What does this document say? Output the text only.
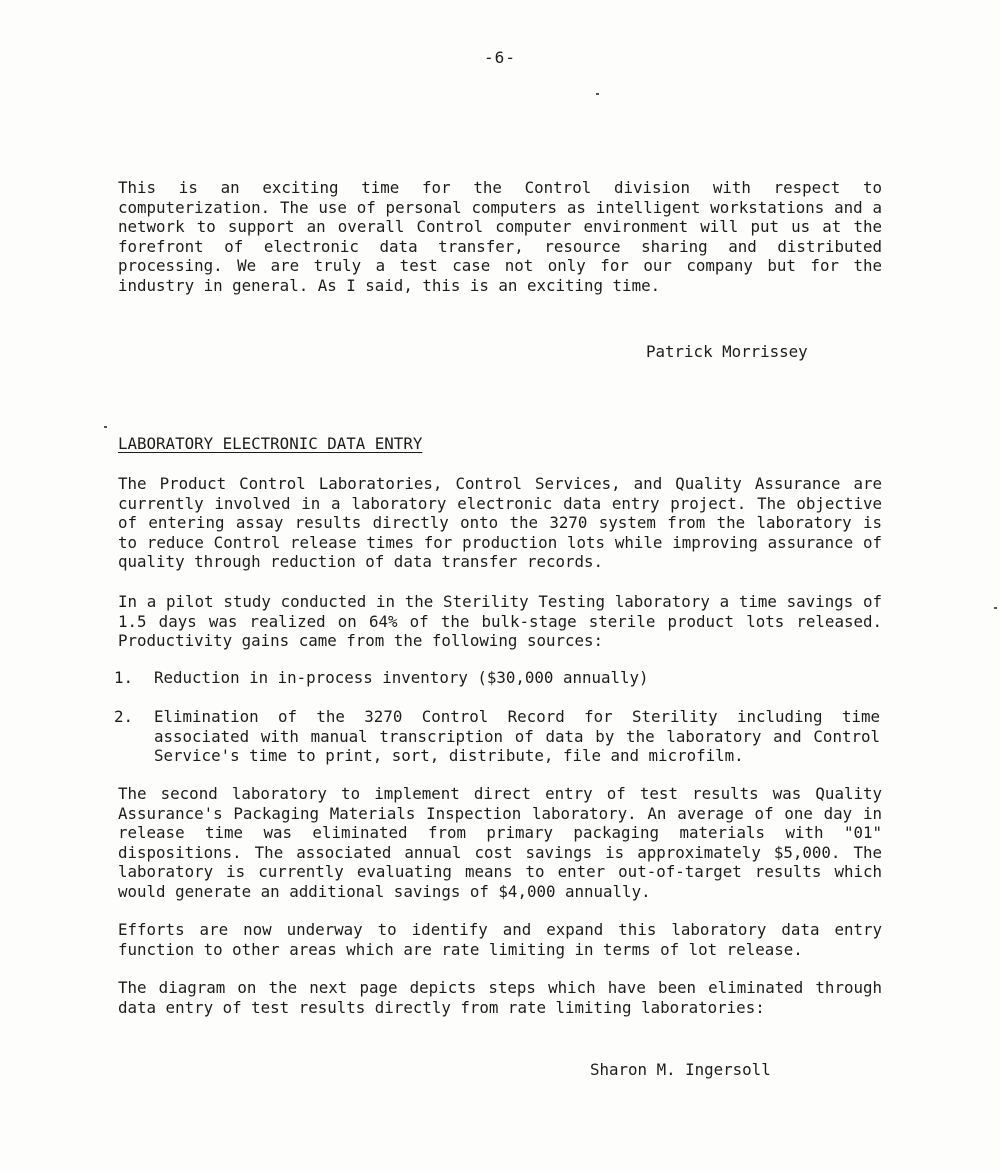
-6-

This is an exciting time for the Control division with respect to computerization. The use of personal computers as intelligent workstations and a network to support an overall Control computer environment will put us at the forefront of electronic data transfer, resource sharing and distributed processing. We are truly a test case not only for our company but for the industry in general. As I said, this is an exciting time.

Patrick Morrissey
LABORATORY ELECTRONIC DATA ENTRY

The Product Control Laboratories, Control Services, and Quality Assurance are currently involved in a laboratory electronic data entry project. The objective of entering assay results directly onto the 3270 system from the laboratory is to reduce Control release times for production lots while improving assurance of quality through reduction of data transfer records.

In a pilot study conducted in the Sterility Testing laboratory a time savings of 1.5 days was realized on 64% of the bulk-stage sterile product lots released. Productivity gains came from the following sources:

1. Reduction in in-process inventory ($30,000 annually)
2. Elimination of the 3270 Control Record for Sterility including time associated with manual transcription of data by the laboratory and Control Service's time to print, sort, distribute, file and microfilm.

The second laboratory to implement direct entry of test results was Quality Assurance's Packaging Materials Inspection laboratory. An average of one day in release time was eliminated from primary packaging materials with "01" dispositions. The associated annual cost savings is approximately $5,000. The laboratory is currently evaluating means to enter out-of-target results which would generate an additional savings of $4,000 annually.

Efforts are now underway to identify and expand this laboratory data entry function to other areas which are rate limiting in terms of lot release.

The diagram on the next page depicts steps which have been eliminated through data entry of test results directly from rate limiting laboratories:

Sharon M. Ingersoll
